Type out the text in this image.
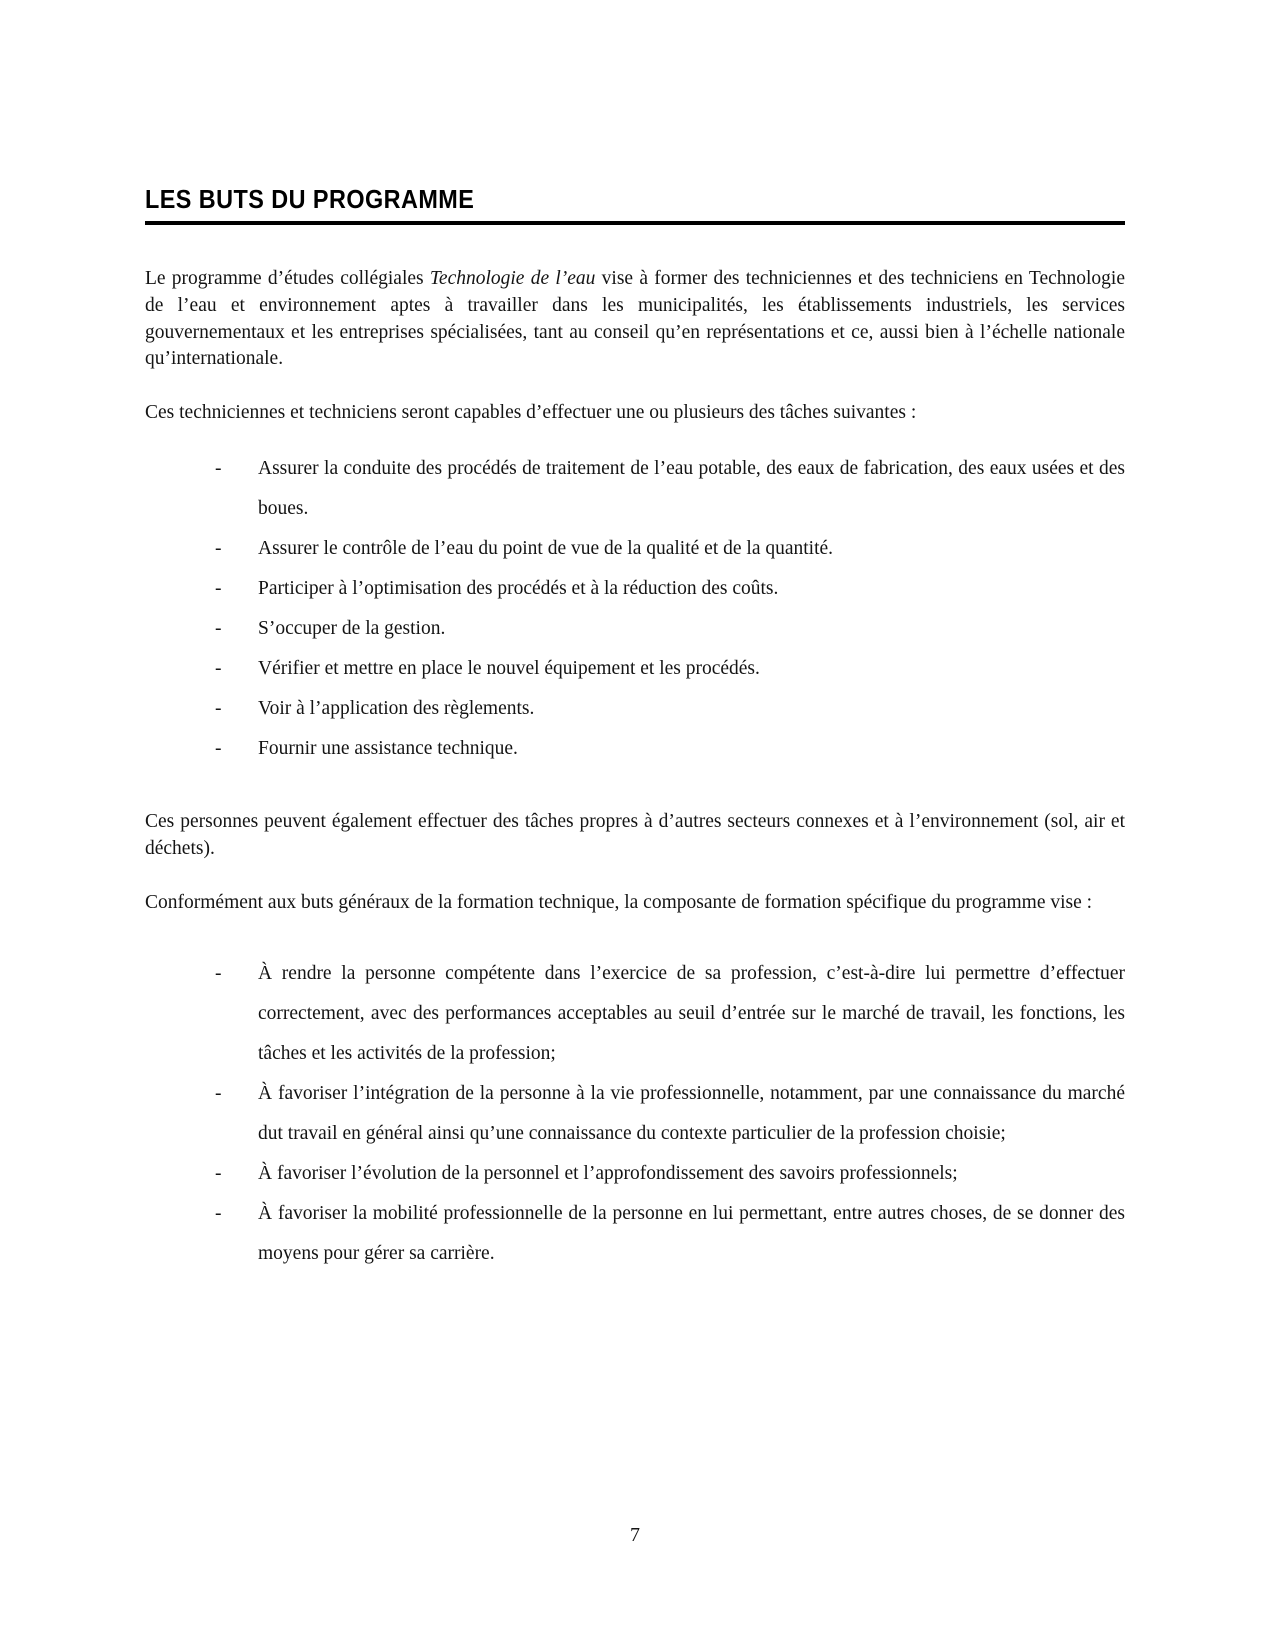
LES BUTS DU PROGRAMME

Le programme d’études collégiales Technologie de l’eau vise à former des techniciennes et des techniciens en Technologie de l’eau et environnement aptes à travailler dans les municipalités, les établissements industriels, les services gouvernementaux et les entreprises spécialisées, tant au conseil qu’en représentations et ce, aussi bien à l’échelle nationale qu’internationale.

Ces techniciennes et techniciens seront capables d’effectuer une ou plusieurs des tâches suivantes :

- Assurer la conduite des procédés de traitement de l’eau potable, des eaux de fabrication, des eaux usées et des boues.
- Assurer le contrôle de l’eau du point de vue de la qualité et de la quantité.
- Participer à l’optimisation des procédés et à la réduction des coûts.
- S’occuper de la gestion.
- Vérifier et mettre en place le nouvel équipement et les procédés.
- Voir à l’application des règlements.
- Fournir une assistance technique.

Ces personnes peuvent également effectuer des tâches propres à d’autres secteurs connexes et à l’environnement (sol, air et déchets).

Conformément aux buts généraux de la formation technique, la composante de formation spécifique du programme vise :

- À rendre la personne compétente dans l’exercice de sa profession, c’est-à-dire lui permettre d’effectuer correctement, avec des performances acceptables au seuil d’entrée sur le marché de travail, les fonctions, les tâches et les activités de la profession;
- À favoriser l’intégration de la personne à la vie professionnelle, notamment, par une connaissance du marché dut travail en général ainsi qu’une connaissance du contexte particulier de la profession choisie;
- À favoriser l’évolution de la personnel et l’approfondissement des savoirs professionnels;
- À favoriser la mobilité professionnelle de la personne en lui permettant, entre autres choses, de se donner des moyens pour gérer sa carrière.
7
